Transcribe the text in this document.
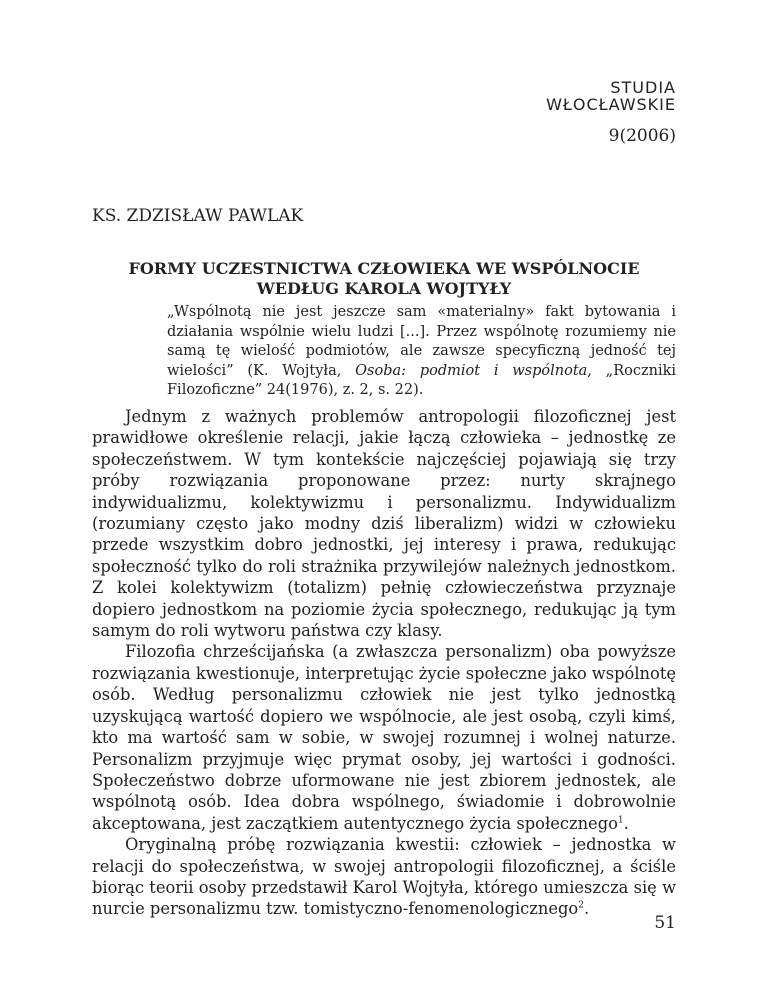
STUDIA
WŁOCŁAWSKIE
9(2006)
KS. ZDZISŁAW PAWLAK
FORMY UCZESTNICTWA CZŁOWIEKA WE WSPÓLNOCIE
WEDŁUG KAROLA WOJTYŁY
„Wspólnotą nie jest jeszcze sam «materialny» fakt bytowania i działania wspólnie wielu ludzi [...]. Przez wspólnotę rozumiemy nie samą tę wielość podmiotów, ale zawsze specyficzną jedność tej wielości” (K. Wojtyła, Osoba: podmiot i wspólnota, „Roczniki Filozoficzne” 24(1976), z. 2, s. 22).

Jednym z ważnych problemów antropologii filozoficznej jest prawidłowe określenie relacji, jakie łączą człowieka – jednostkę ze społeczeństwem. W tym kontekście najczęściej pojawiają się trzy próby rozwiązania proponowane przez: nurty skrajnego indywidualizmu, kolektywizmu i personalizmu. Indywidualizm (rozumiany często jako modny dziś liberalizm) widzi w człowieku przede wszystkim dobro jednostki, jej interesy i prawa, redukując społeczność tylko do roli strażnika przywilejów należnych jednostkom. Z kolei kolektywizm (totalizm) pełnię człowieczeństwa przyznaje dopiero jednostkom na poziomie życia społecznego, redukując ją tym samym do roli wytworu państwa czy klasy.

Filozofia chrześcijańska (a zwłaszcza personalizm) oba powyższe rozwiązania kwestionuje, interpretując życie społeczne jako wspólnotę osób. Według personalizmu człowiek nie jest tylko jednostką uzyskującą wartość dopiero we wspólnocie, ale jest osobą, czyli kimś, kto ma wartość sam w sobie, w swojej rozumnej i wolnej naturze. Personalizm przyjmuje więc prymat osoby, jej wartości i godności. Społeczeństwo dobrze uformowane nie jest zbiorem jednostek, ale wspólnotą osób. Idea dobra wspólnego, świadomie i dobrowolnie akceptowana, jest zaczątkiem autentycznego życia społecznego$^1$.

Oryginalną próbę rozwiązania kwestii: człowiek – jednostka w relacji do społeczeństwa, w swojej antropologii filozoficznej, a ściśle biorąc teorii osoby przedstawił Karol Wojtyła, którego umieszcza się w nurcie personalizmu tzw. tomistyczno-fenomenologicznego$^2$.

51
